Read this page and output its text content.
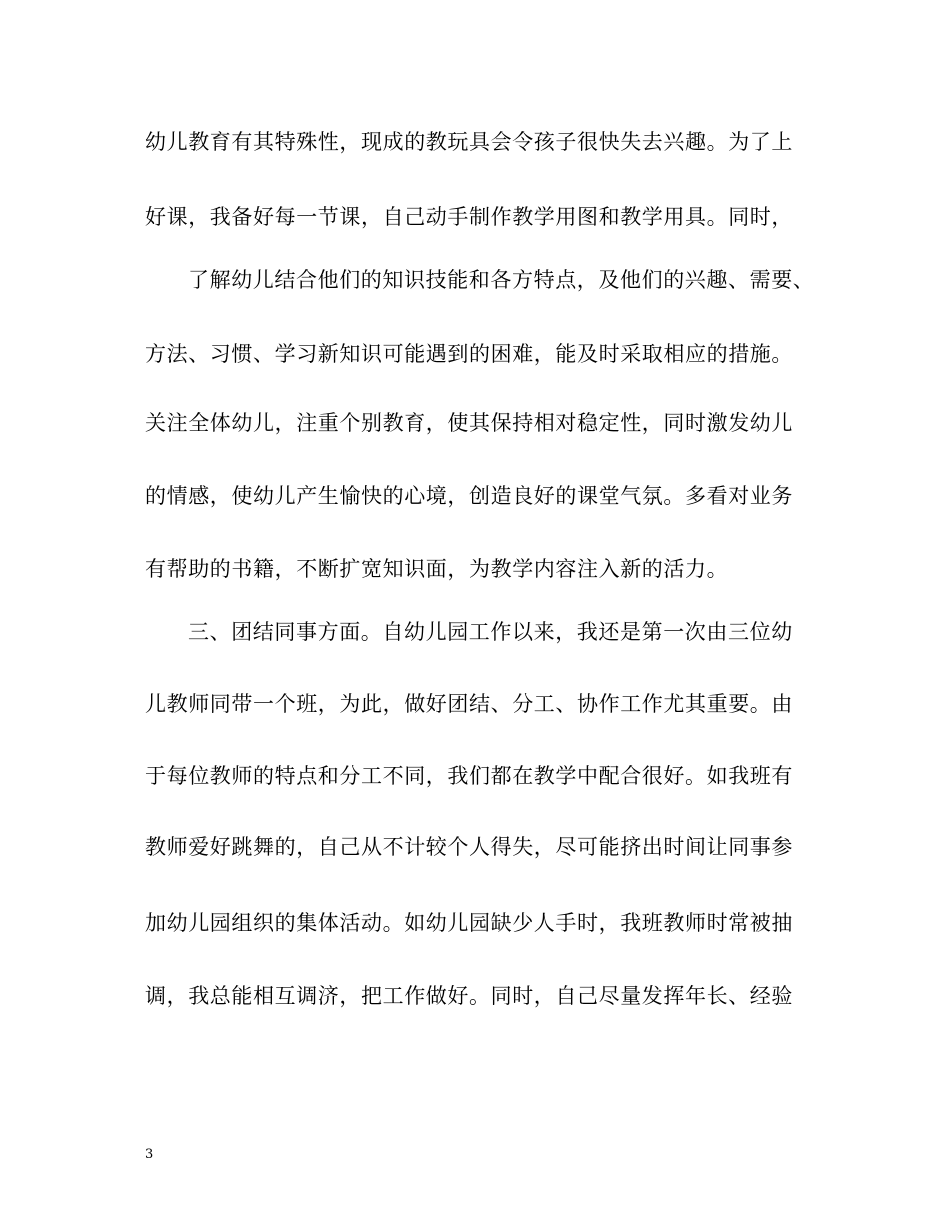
幼儿教育有其特殊性，现成的教玩具会令孩子很快失去兴趣。为了上
好课，我备好每一节课，自己动手制作教学用图和教学用具。同时，
了解幼儿结合他们的知识技能和各方特点，及他们的兴趣、需要、
方法、习惯、学习新知识可能遇到的困难，能及时采取相应的措施。
关注全体幼儿，注重个别教育，使其保持相对稳定性，同时激发幼儿
的情感，使幼儿产生愉快的心境，创造良好的课堂气氛。多看对业务
有帮助的书籍，不断扩宽知识面，为教学内容注入新的活力。
三、团结同事方面。自幼儿园工作以来，我还是第一次由三位幼
儿教师同带一个班，为此，做好团结、分工、协作工作尤其重要。由
于每位教师的特点和分工不同，我们都在教学中配合很好。如我班有
教师爱好跳舞的，自己从不计较个人得失，尽可能挤出时间让同事参
加幼儿园组织的集体活动。如幼儿园缺少人手时，我班教师时常被抽
调，我总能相互调济，把工作做好。同时，自己尽量发挥年长、经验
3
